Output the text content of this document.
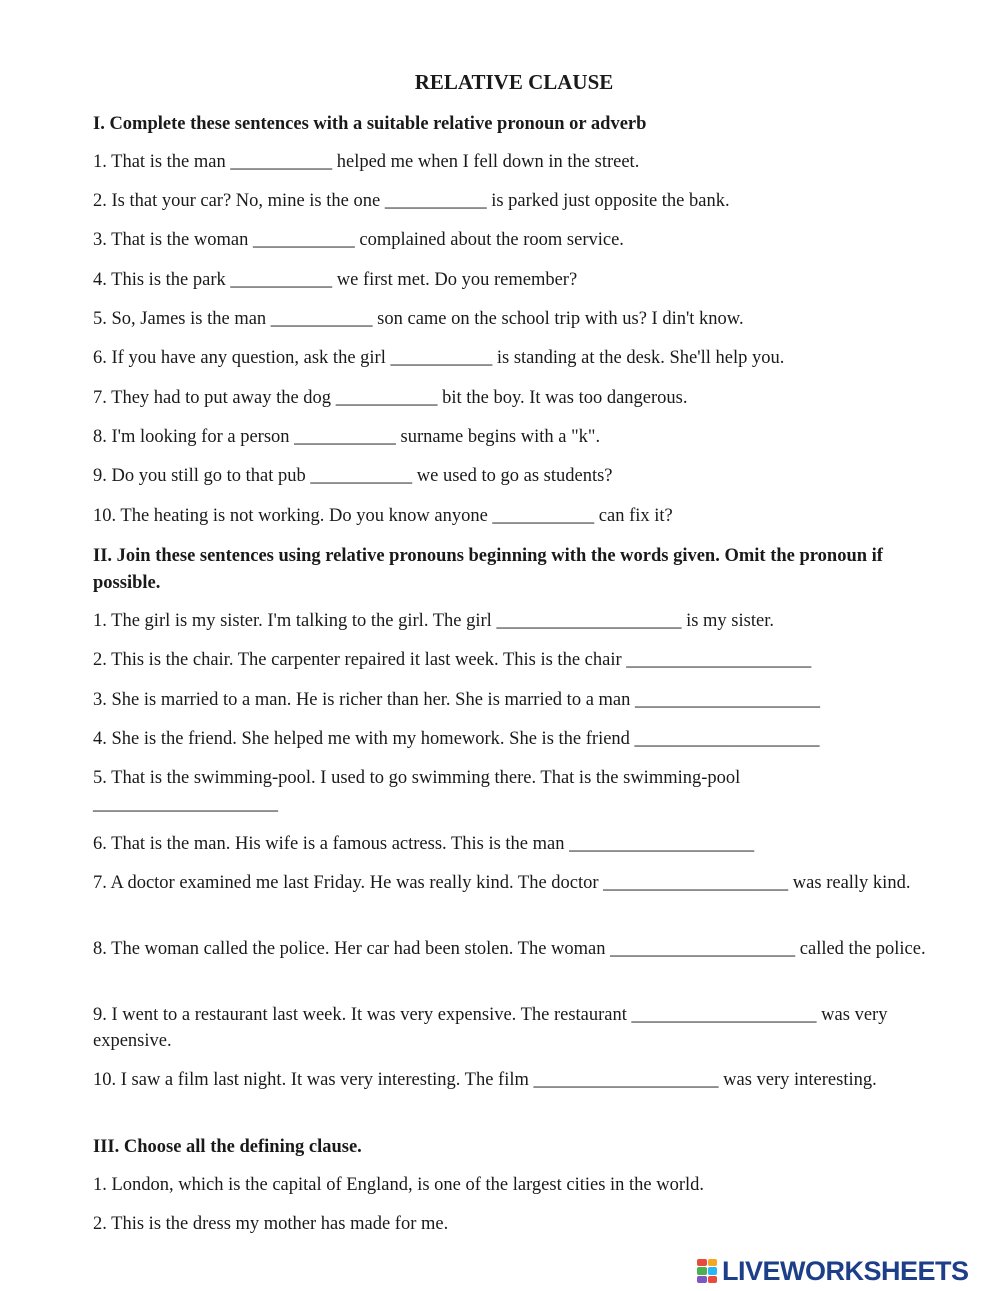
RELATIVE CLAUSE
I. Complete these sentences with a suitable relative pronoun or adverb
1. That is the man ___________ helped me when I fell down in the street.
2. Is that your car? No, mine is the one ___________ is parked just opposite the bank.
3. That is the woman ___________ complained about the room service.
4. This is the park ___________ we first met. Do you remember?
5. So, James is the man ___________ son came on the school trip with us? I din't know.
6. If you have any question, ask the girl ___________ is standing at the desk. She'll help you.
7. They had to put away the dog ___________ bit the boy. It was too dangerous.
8. I'm looking for a person ___________ surname begins with a "k".
9. Do you still go to that pub ___________ we used to go as students?
10. The heating is not working. Do you know anyone ___________ can fix it?
II. Join these sentences using relative pronouns beginning with the words given. Omit the pronoun if possible.
1. The girl is my sister. I'm talking to the girl. The girl ____________________ is my sister.
2. This is the chair. The carpenter repaired it last week. This is the chair ____________________
3. She is married to a man. He is richer than her. She is married to a man ____________________
4. She is the friend. She helped me with my homework. She is the friend ____________________
5. That is the swimming-pool. I used to go swimming there. That is the swimming-pool
____________________
6. That is the man. His wife is a famous actress. This is the man ____________________
7. A doctor examined me last Friday. He was really kind. The doctor ____________________ was really kind.
8. The woman called the police. Her car had been stolen. The woman ____________________ called the police.
9. I went to a restaurant last week. It was very expensive. The restaurant ____________________ was very expensive.
10. I saw a film last night. It was very interesting. The film ____________________ was very interesting.
III. Choose all the defining clause.
1. London, which is the capital of England, is one of the largest cities in the world.
2. This is the dress my mother has made for me.
LIVEWORKSHEETS
